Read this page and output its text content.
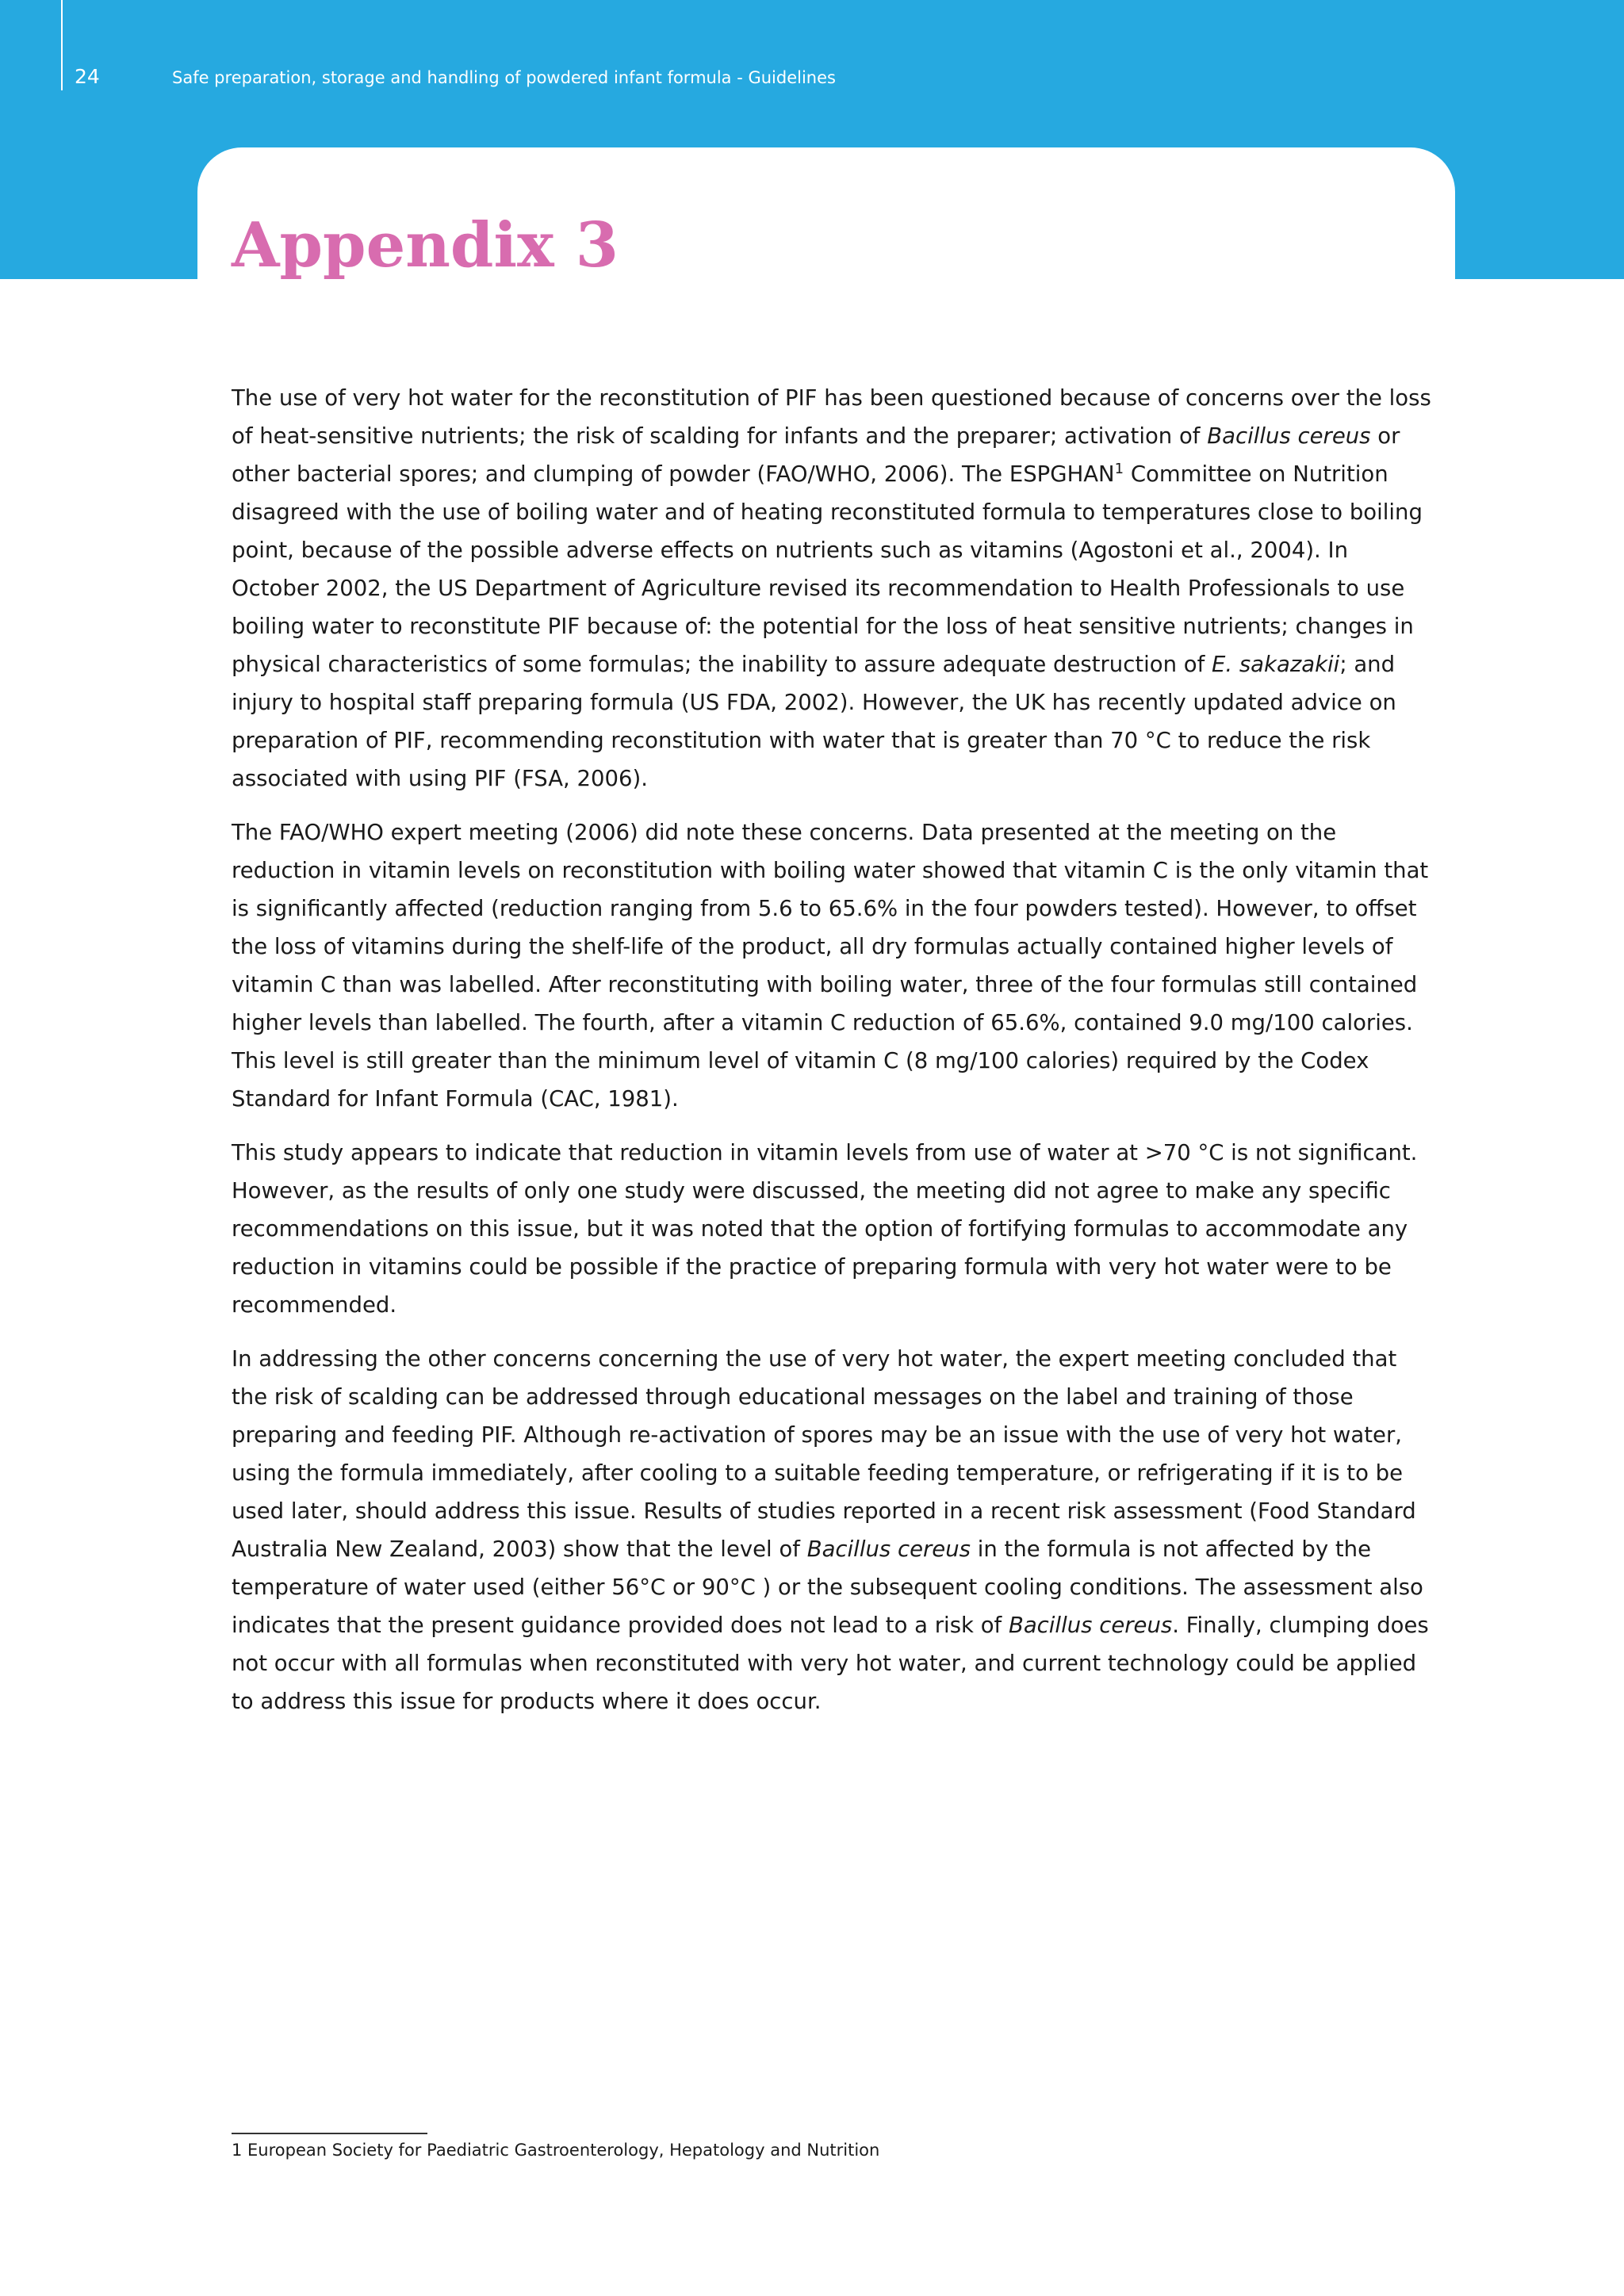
24	Safe preparation, storage and handling of powdered infant formula - Guidelines
Appendix 3

The use of very hot water for the reconstitution of PIF has been questioned because of concerns over the loss of heat-sensitive nutrients; the risk of scalding for infants and the preparer; activation of Bacillus cereus or other bacterial spores; and clumping of powder (FAO/WHO, 2006). The ESPGHAN$^1$ Committee on Nutrition disagreed with the use of boiling water and of heating reconstituted formula to temperatures close to boiling point, because of the possible adverse effects on nutrients such as vitamins (Agostoni et al., 2004). In October 2002, the US Department of Agriculture revised its recommendation to Health Professionals to use boiling water to reconstitute PIF because of: the potential for the loss of heat sensitive nutrients; changes in physical characteristics of some formulas; the inability to assure adequate destruction of E. sakazakii; and injury to hospital staff preparing formula (US FDA, 2002). However, the UK has recently updated advice on preparation of PIF, recommending reconstitution with water that is greater than 70 °C to reduce the risk associated with using PIF (FSA, 2006).

The FAO/WHO expert meeting (2006) did note these concerns. Data presented at the meeting on the reduction in vitamin levels on reconstitution with boiling water showed that vitamin C is the only vitamin that is significantly affected (reduction ranging from 5.6 to 65.6% in the four powders tested). However, to offset the loss of vitamins during the shelf-life of the product, all dry formulas actually contained higher levels of vitamin C than was labelled. After reconstituting with boiling water, three of the four formulas still contained higher levels than labelled. The fourth, after a vitamin C reduction of 65.6%, contained 9.0 mg/100 calories. This level is still greater than the minimum level of vitamin C (8 mg/100 calories) required by the Codex Standard for Infant Formula (CAC, 1981).

This study appears to indicate that reduction in vitamin levels from use of water at >70 °C is not significant. However, as the results of only one study were discussed, the meeting did not agree to make any specific recommendations on this issue, but it was noted that the option of fortifying formulas to accommodate any reduction in vitamins could be possible if the practice of preparing formula with very hot water were to be recommended.

In addressing the other concerns concerning the use of very hot water, the expert meeting concluded that the risk of scalding can be addressed through educational messages on the label and training of those preparing and feeding PIF. Although re-activation of spores may be an issue with the use of very hot water, using the formula immediately, after cooling to a suitable feeding temperature, or refrigerating if it is to be used later, should address this issue. Results of studies reported in a recent risk assessment (Food Standard Australia New Zealand, 2003) show that the level of Bacillus cereus in the formula is not affected by the temperature of water used (either 56°C or 90°C ) or the subsequent cooling conditions. The assessment also indicates that the present guidance provided does not lead to a risk of Bacillus cereus. Finally, clumping does not occur with all formulas when reconstituted with very hot water, and current technology could be applied to address this issue for products where it does occur.

1 European Society for Paediatric Gastroenterology, Hepatology and Nutrition
